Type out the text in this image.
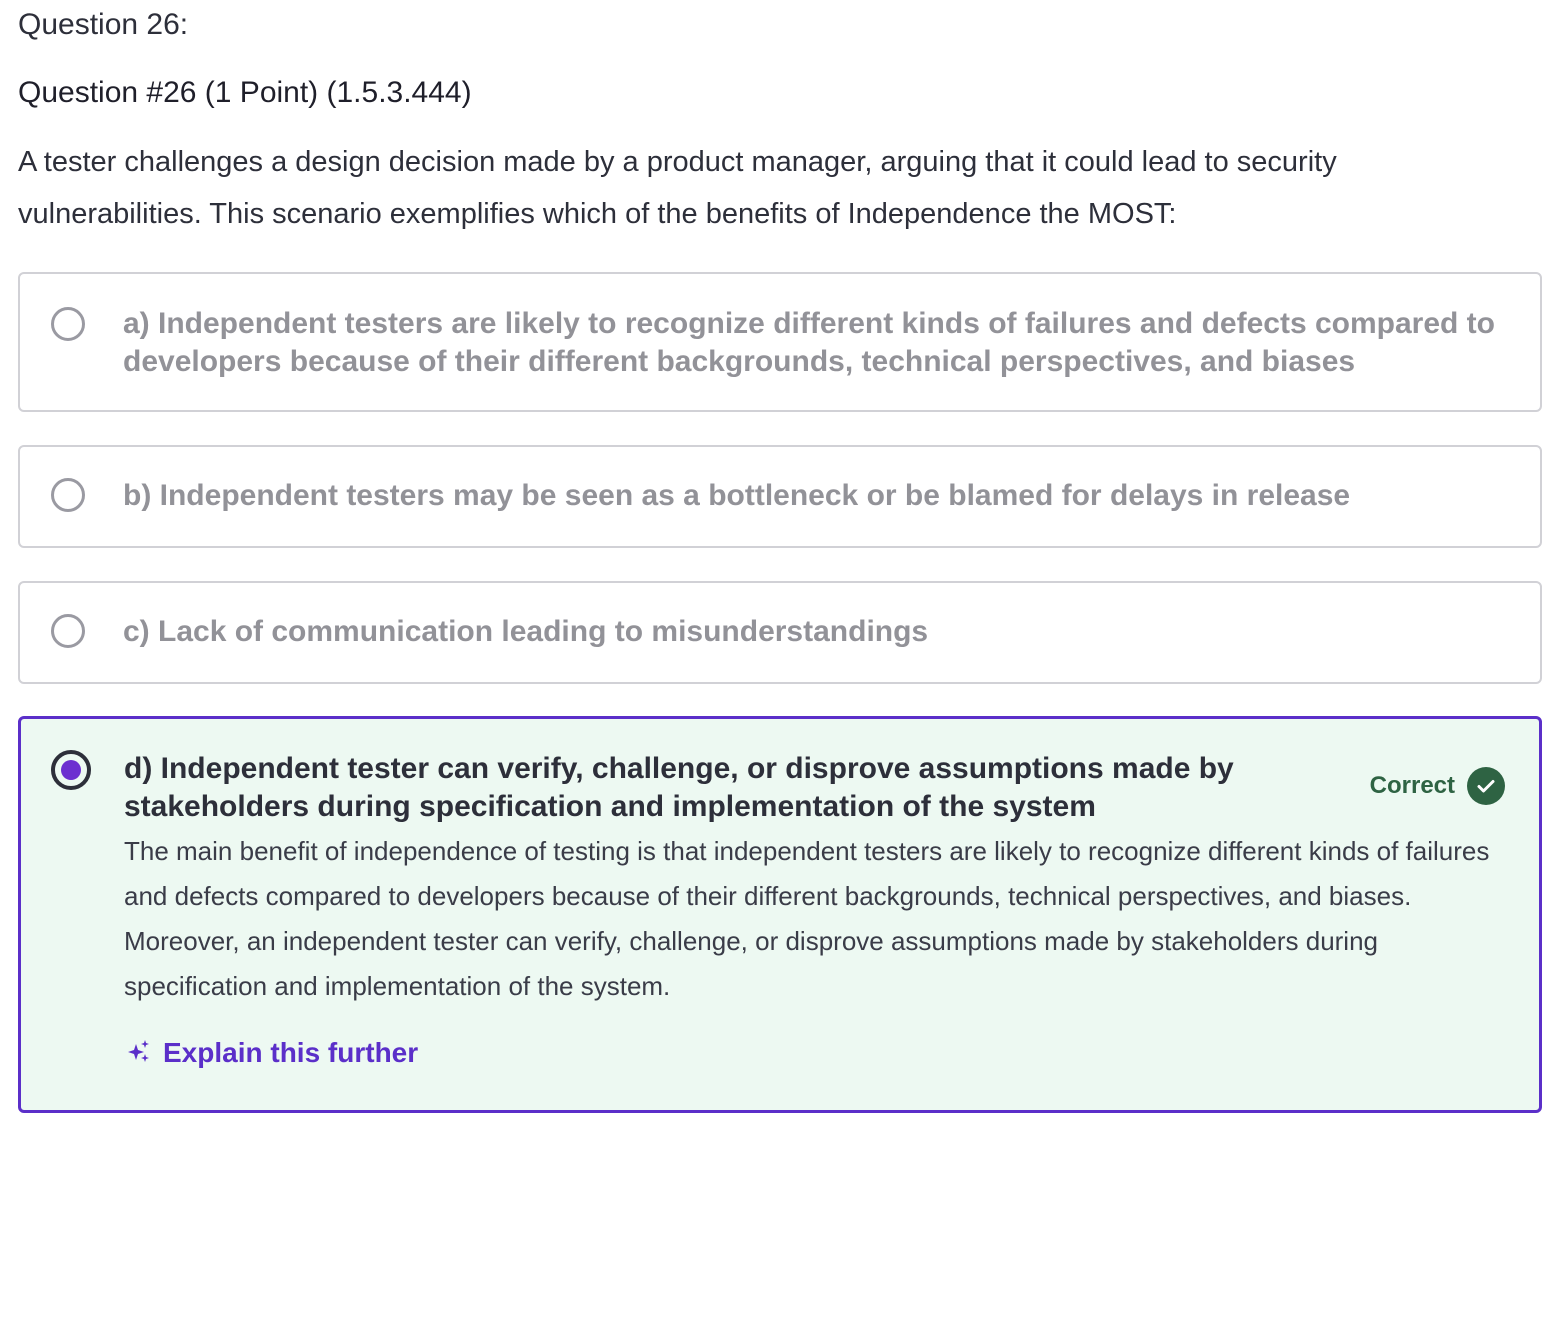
Question 26:
Question #26 (1 Point) (1.5.3.444)
A tester challenges a design decision made by a product manager, arguing that it could lead to security vulnerabilities. This scenario exemplifies which of the benefits of Independence the MOST:
a) Independent testers are likely to recognize different kinds of failures and defects compared to developers because of their different backgrounds, technical perspectives, and biases
b) Independent testers may be seen as a bottleneck or be blamed for delays in release
c) Lack of communication leading to misunderstandings
d) Independent tester can verify, challenge, or disprove assumptions made by stakeholders during specification and implementation of the system
Correct
The main benefit of independence of testing is that independent testers are likely to recognize different kinds of failures and defects compared to developers because of their different backgrounds, technical perspectives, and biases. Moreover, an independent tester can verify, challenge, or disprove assumptions made by stakeholders during specification and implementation of the system.
Explain this further
